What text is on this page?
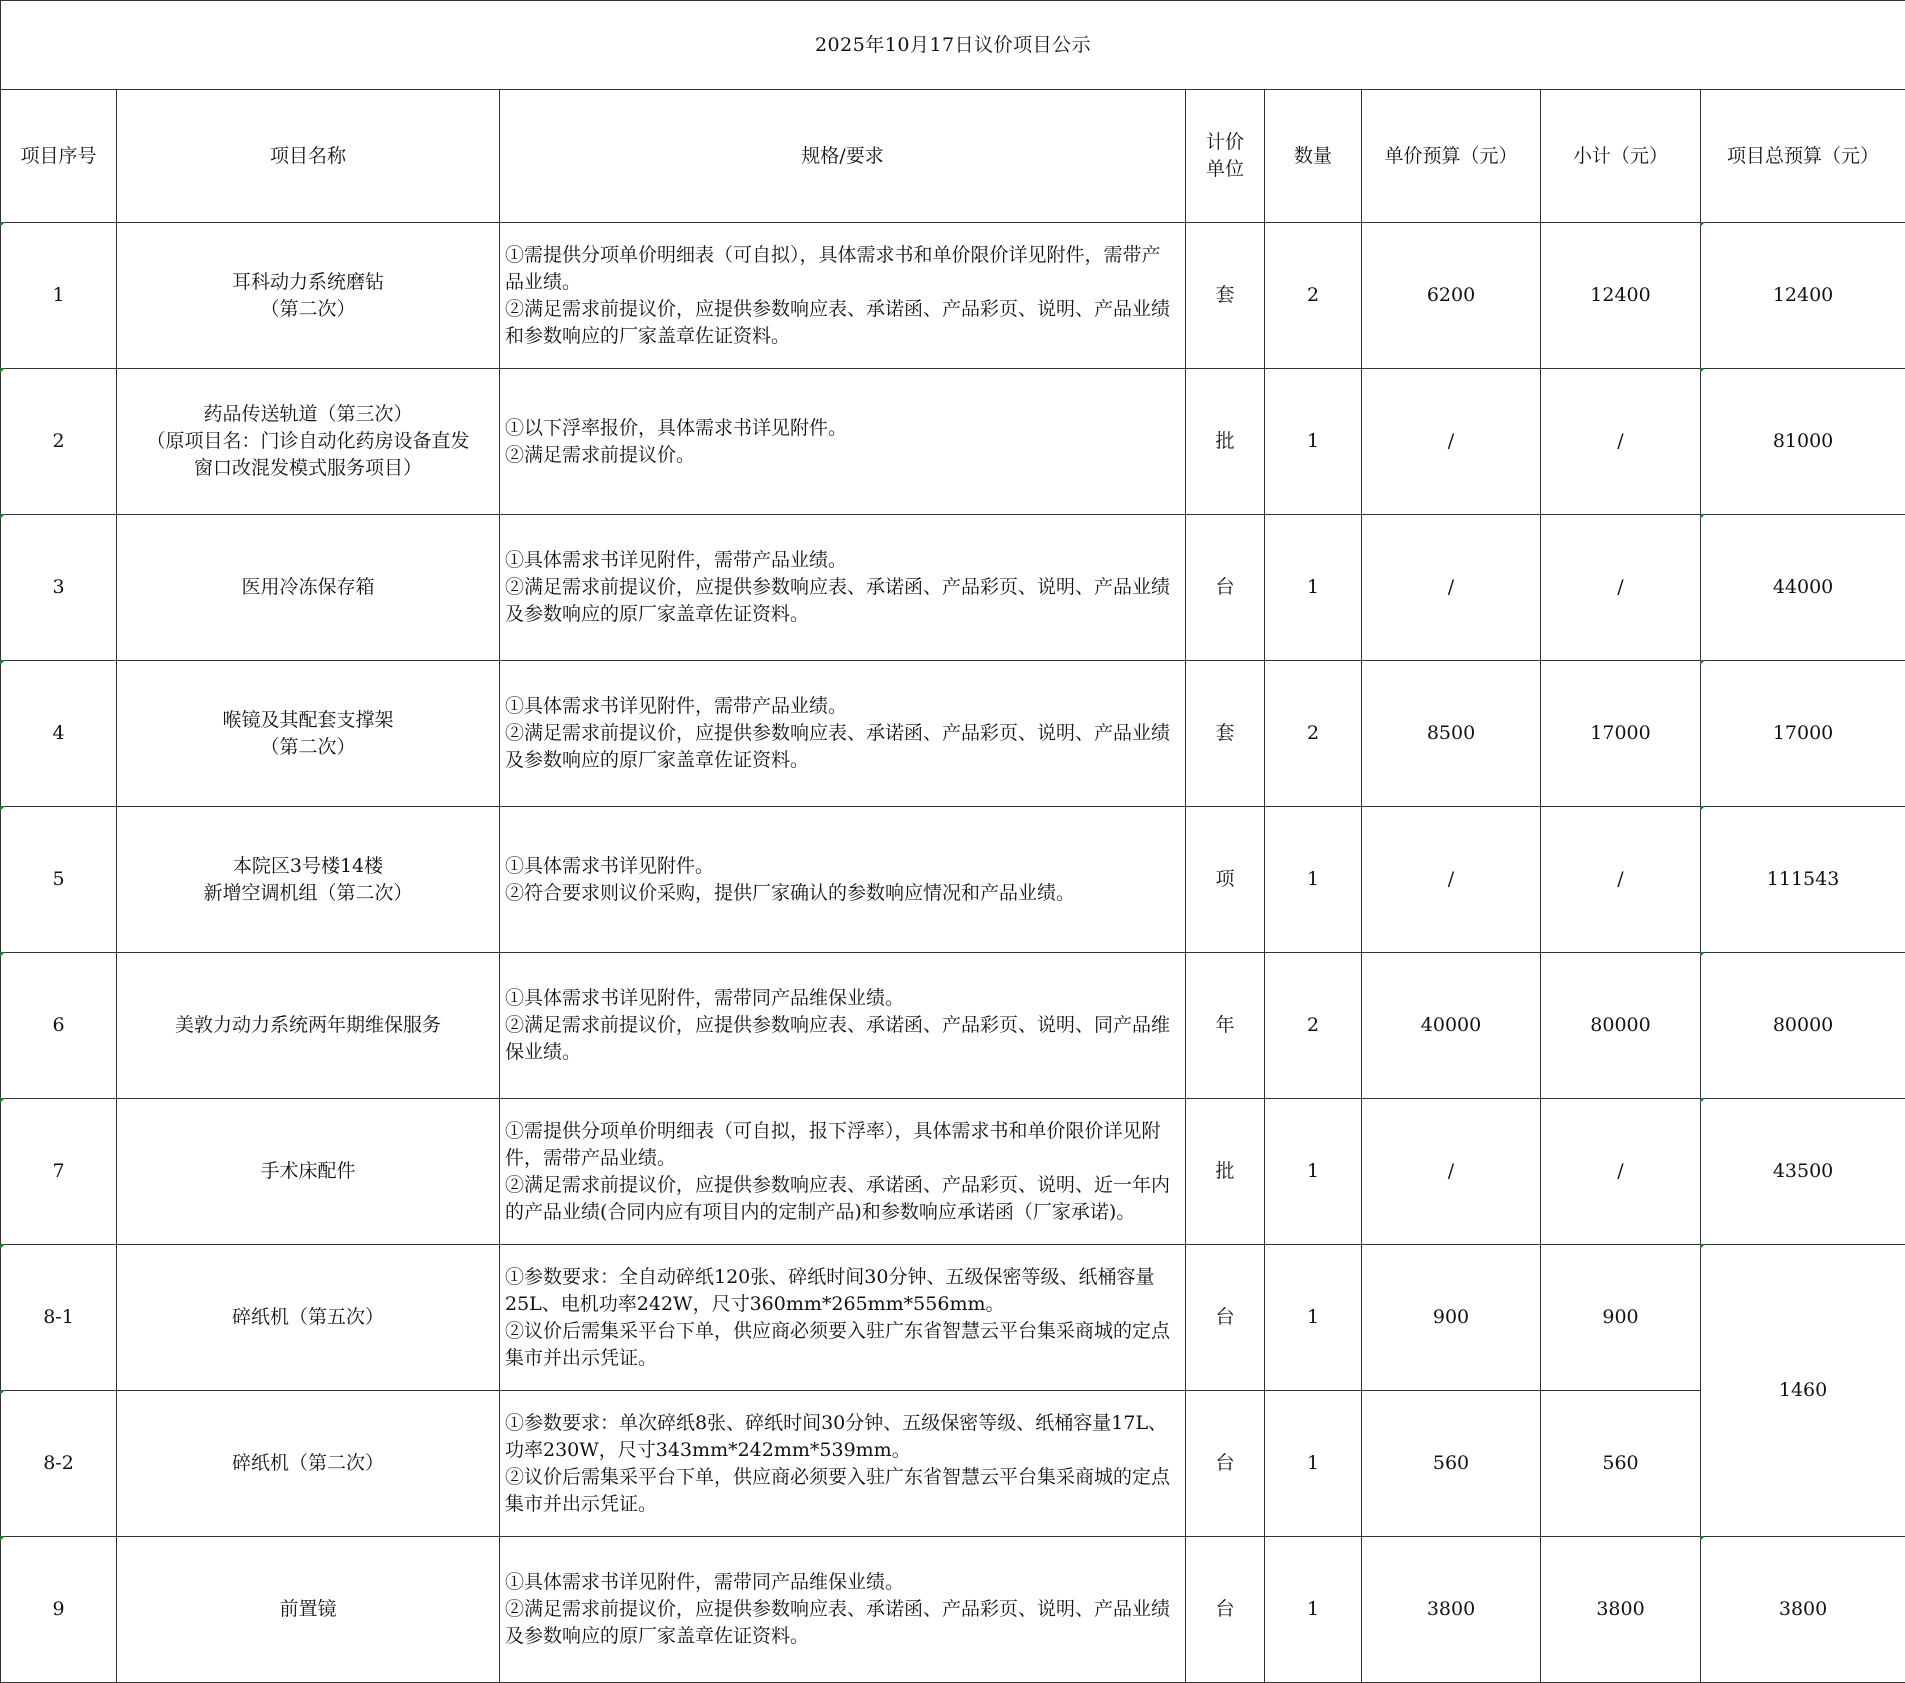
2025年10月17日议价项目公示							
项目序号	项目名称	规格/要求	计价
单位	数量	单价预算（元）	小计（元）	项目总预算（元）

1	耳科动力系统磨钻
（第二次）	①需提供分项单价明细表（可自拟），具体需求书和单价限价详见附件，需带产品业绩。
②满足需求前提议价，应提供参数响应表、承诺函、产品彩页、说明、产品业绩和参数响应的厂家盖章佐证资料。	套	2	6200	12400	12400

2	药品传送轨道（第三次）
（原项目名：门诊自动化药房设备直发
窗口改混发模式服务项目）	①以下浮率报价，具体需求书详见附件。
②满足需求前提议价。	批	1	/	/	81000

3	医用冷冻保存箱	①具体需求书详见附件，需带产品业绩。
②满足需求前提议价，应提供参数响应表、承诺函、产品彩页、说明、产品业绩及参数响应的原厂家盖章佐证资料。	台	1	/	/	44000

4	喉镜及其配套支撑架
（第二次）	①具体需求书详见附件，需带产品业绩。
②满足需求前提议价，应提供参数响应表、承诺函、产品彩页、说明、产品业绩及参数响应的原厂家盖章佐证资料。	套	2	8500	17000	17000

5	本院区3号楼14楼
新增空调机组（第二次）	①具体需求书详见附件。
②符合要求则议价采购，提供厂家确认的参数响应情况和产品业绩。	项	1	/	/	111543

6	美敦力动力系统两年期维保服务	①具体需求书详见附件，需带同产品维保业绩。
②满足需求前提议价，应提供参数响应表、承诺函、产品彩页、说明、同产品维保业绩。	年	2	40000	80000	80000

7	手术床配件	①需提供分项单价明细表（可自拟，报下浮率），具体需求书和单价限价详见附件，需带产品业绩。
②满足需求前提议价，应提供参数响应表、承诺函、产品彩页、说明、近一年内的产品业绩(合同内应有项目内的定制产品)和参数响应承诺函（厂家承诺)。	批	1	/	/	43500

8-1	碎纸机（第五次）	①参数要求：全自动碎纸120张、碎纸时间30分钟、五级保密等级、纸桶容量25L、电机功率242W，尺寸360mm*265mm*556mm。
②议价后需集采平台下单，供应商必须要入驻广东省智慧云平台集采商城的定点集市并出示凭证。	台	1	900	900	1460

8-2	碎纸机（第二次）	①参数要求：单次碎纸8张、碎纸时间30分钟、五级保密等级、纸桶容量17L、功率230W，尺寸343mm*242mm*539mm。
②议价后需集采平台下单，供应商必须要入驻广东省智慧云平台集采商城的定点集市并出示凭证。	台	1	560	560	

9	前置镜	①具体需求书详见附件，需带同产品维保业绩。
②满足需求前提议价，应提供参数响应表、承诺函、产品彩页、说明、产品业绩及参数响应的原厂家盖章佐证资料。	台	1	3800	3800	3800
